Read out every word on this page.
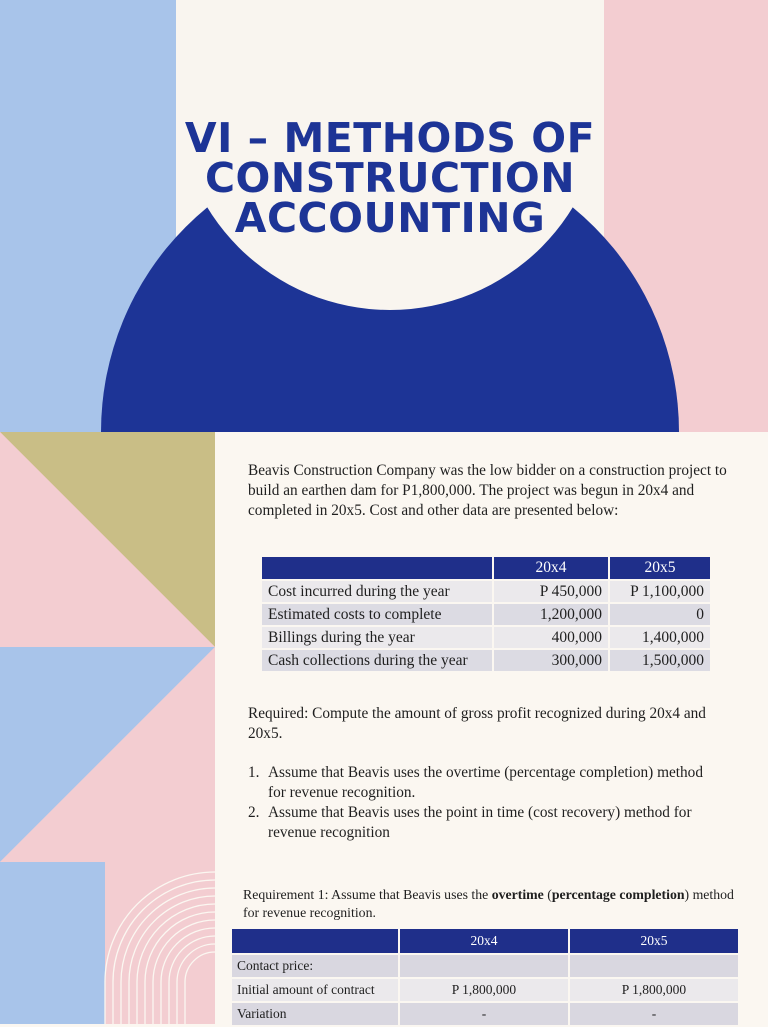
VI – METHODS OF
CONSTRUCTION
ACCOUNTING

Beavis Construction Company was the low bidder on a construction project to build an earthen dam for P1,800,000. The project was begun in 20x4 and completed in 20x5. Cost and other data are presented below:

	20x4	20x5
Cost incurred during the year	P 450,000	P 1,100,000
Estimated costs to complete	1,200,000	0
Billings during the year	400,000	1,400,000
Cash collections during the year	300,000	1,500,000

Required: Compute the amount of gross profit recognized during 20x4 and 20x5.

1. Assume that Beavis uses the overtime (percentage completion) method for revenue recognition.
2. Assume that Beavis uses the point in time (cost recovery) method for revenue recognition

Requirement 1: Assume that Beavis uses the overtime (percentage completion) method for revenue recognition.

	20x4	20x5
Contact price:		
Initial amount of contract	P 1,800,000	P 1,800,000
Variation	-	-
